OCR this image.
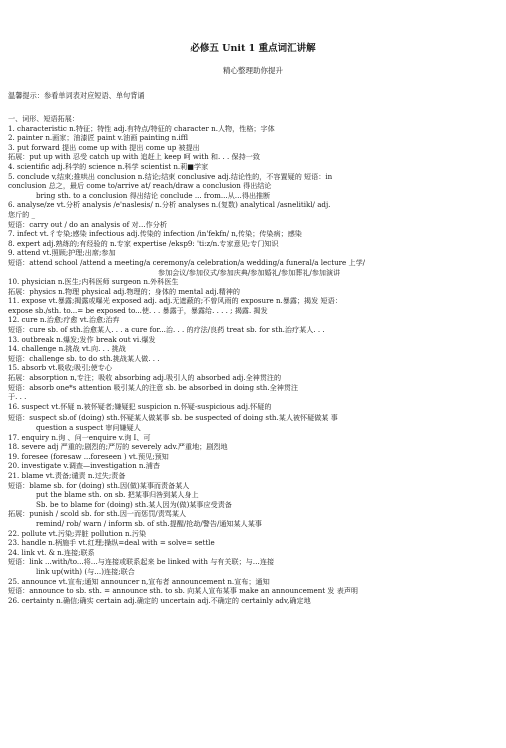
必修五 Unit 1 重点词汇讲解
精心整理助你提升
温馨提示：参看单词表对应短语、单句背诵
一、词形、短语拓展：
1. characteristic n.特征；特性 adj.有特点/特征的 character n.人物，性格；字体
2. painter n.画家；油漆匠 paint v.油画 painting n.iffl
3. put forward 提出 come up with 提出 come up 被提出
拓展：put up with 忍受 catch up with 追赶上 keep 呵 with 和. . . 保持一致
4. scientific adj.科学的 science n.科学 scientist n.莉■学家
5. conclude v,结束;推哄出 conclusion n.结论;结束 conclusive adj.结论性的，不容置疑的 短语：in
conclusion 总之，最后 come to/arrive at/ reach/draw a conclusion 得出结论
bring sth. to a conclusion 得出结论 conclude ... from...从…得出推断
6. analyse/ze vt.分析 analysis /e'naslesis/ n.分析 analyses n.(复数) analytical /asnelitikl/ adj.
您斤的 _
短语：carry out / do an analysis of 对…作分析
7. infect vt.彳专染;感染 infectious adj.传染的 infection /in'fekfn/ n,传染；传染病；感染
8. expert adj.熟练的;有经验的 n.专家 expertise /eksp9: 'ti:z/n.专家意见;专门知识
9. attend vt.照顾;护理;出席;参加
短语：attend school /attend a meeting/a ceremony/a celebration/a wedding/a funeral/a lecture 上学/
参加会议/参加仪式/参加庆典/参加婚礼/参加葬礼/参加演讲
10. physician n.医生;内科医师 surgeon n.外科医生
拓展：physics n.物理 physical adj.物理的；身体的 mental adj.精神的
11. expose vt.暴露;揭露或曝光 exposed adj. adj.无遮蔽的;不曾风雨的 exposure n.暴露；揭发 短语：
expose sb./sth. to...= be exposed to...使. . . 暴露于，暴露给. . . . ; 揭露. 揭发
12. cure n.治愈;疗愈 vt.治愈;治弃
短语：cure sb. of sth.治愈某人. . . a cure for...治. . . 的疗法/良药 treat sb. for sth.治疗某人. . .
13. outbreak n.爆发;发作 break out vi.爆发
14. challenge n.挑战 vt.向. . . 挑战
短语：challenge sb. to do sth.挑战某人做. . .
15. absorb vt.吸收;吸引;使专心
拓展：absorption n,专注；吸收 absorbing adj.吸引人的 absorbed adj.全神贯注的
短语：absorb one*s attention 吸引某人的注意 sb. be absorbed in doing sth.全神贯注
于. . .
16. suspect vt.怀疑 n.被怀疑者;嫌疑犯 suspicion n.怀疑-suspicious adj.怀疑的
短语：suspect sb.of (doing) sth.怀疑某人做某事 sb. be suspected of doing sth.某人被怀疑做某 事
question a suspect 审问嫌疑人
17. enquiry n.询 、问一enquire v.询 I、可
18. severe adj 严重的;剧烈的;严厉的 severely adv.严重地；剧烈地
19. foresee (foresaw ...foreseen ) vt.预见;预知
20. investigate v.调查—investigation n.浦杳
21. blame vt.责备;谴责 n.过失;责备
短语：blame sb. for (doing) sth.因(做)某事而责备某人
put the blame sth. on sb. 把某事归咎到某人身上
Sb. be to blame for (doing) sth.某人因为(做)某事应受责备
拓展：punish / scold sb. for sth.因一而惩罚/责骂某人
remind/ rob/ warn / inform sb. of sth.提醒/抢劫/警告/通知某人某事
22. pollute vt.污染;弄脏 pollution n.污染
23. handle n.柄施手 vt.红理;操纵=deal with = solve= settle
24. link vt. & n.连接;联系
短语：link ...with/to...将…与连接或联系起来 be linked with 与有关联；与…连接
link up(with) (与…)连接;联合
25. announce vt.宣布;通知 announcer n,宣布者 announcement n.宣布；通知
短语：announce to sb. sth. = announce sth. to sb. 向某人宣布某事 make an announcement 发 表声明
26. certainty n.确信;确实 certain adj.确定的 uncertain adj.不确定的 certainly adv,确定地
